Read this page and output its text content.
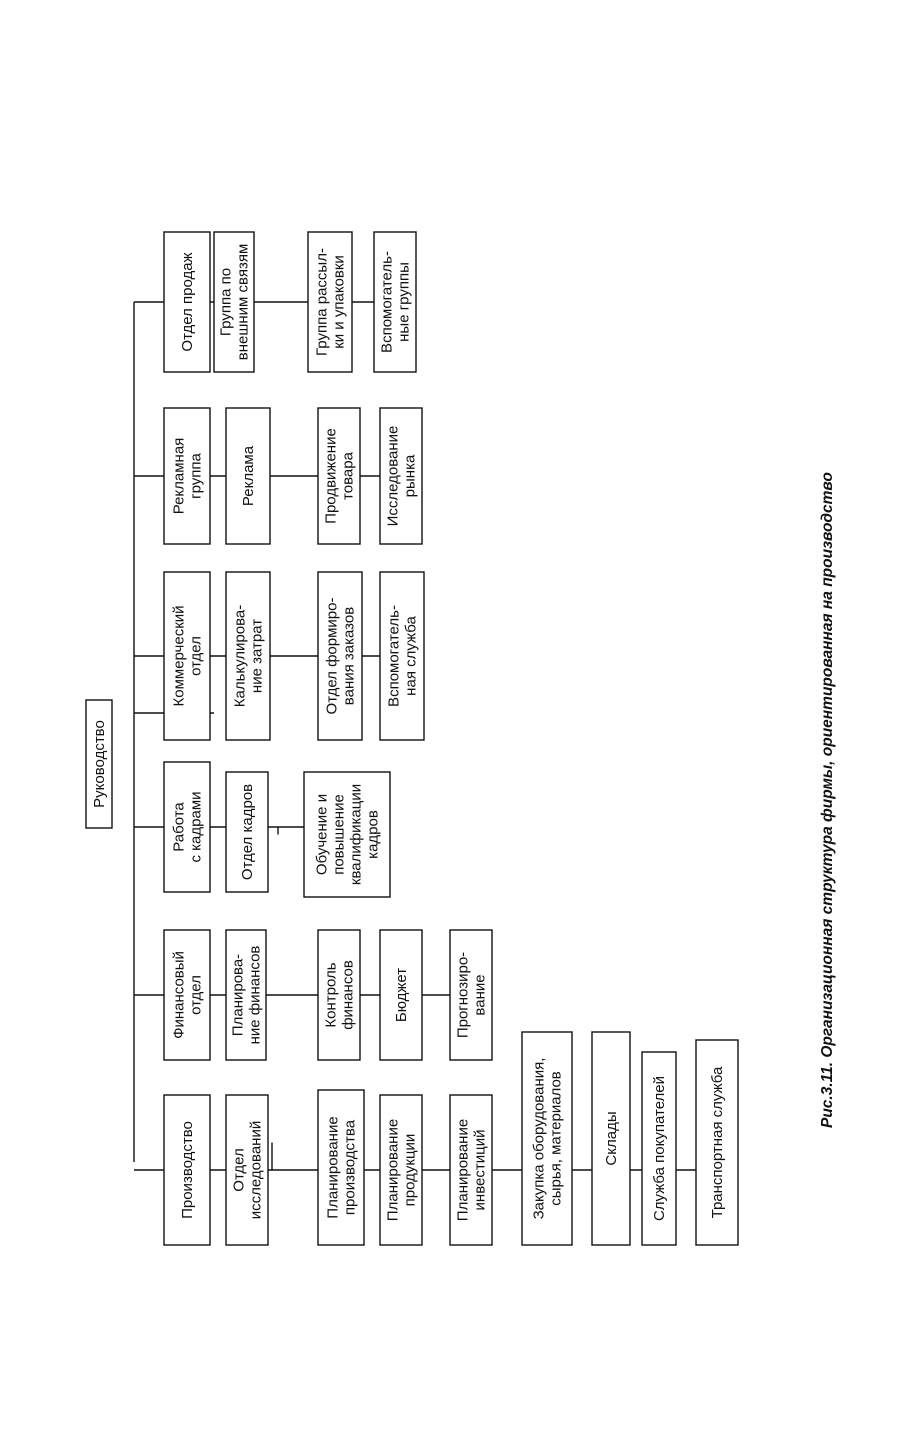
Руководство
Производство Отделисследований	Планированиепроизводства Планированиепродукции Планированиеинвестиций	Закупка оборудования,сырья, материалов	Склады Служба покупателей	Транспортная служба
Финансовыйотдел Планирова-ние финансов	Контрольфинансов Бюджет	Прогнозиро-вание
Работас кадрами Отдел кадров	Обучение иповышениеквалификациикадров
Коммерческийотдел Калькулирова-ние затрат	Отдел формиро-вания заказов Вспомогатель-ная служба
Рекламнаягруппа Реклама	Продвижениетовара Исследованиерынка
Отдел продаж Группа повнешним связям	Группа рассыл-ки и упаковки Вспомогатель-ные группы
Рис.3.11. Организационная структура фирмы, ориентированная на производство
